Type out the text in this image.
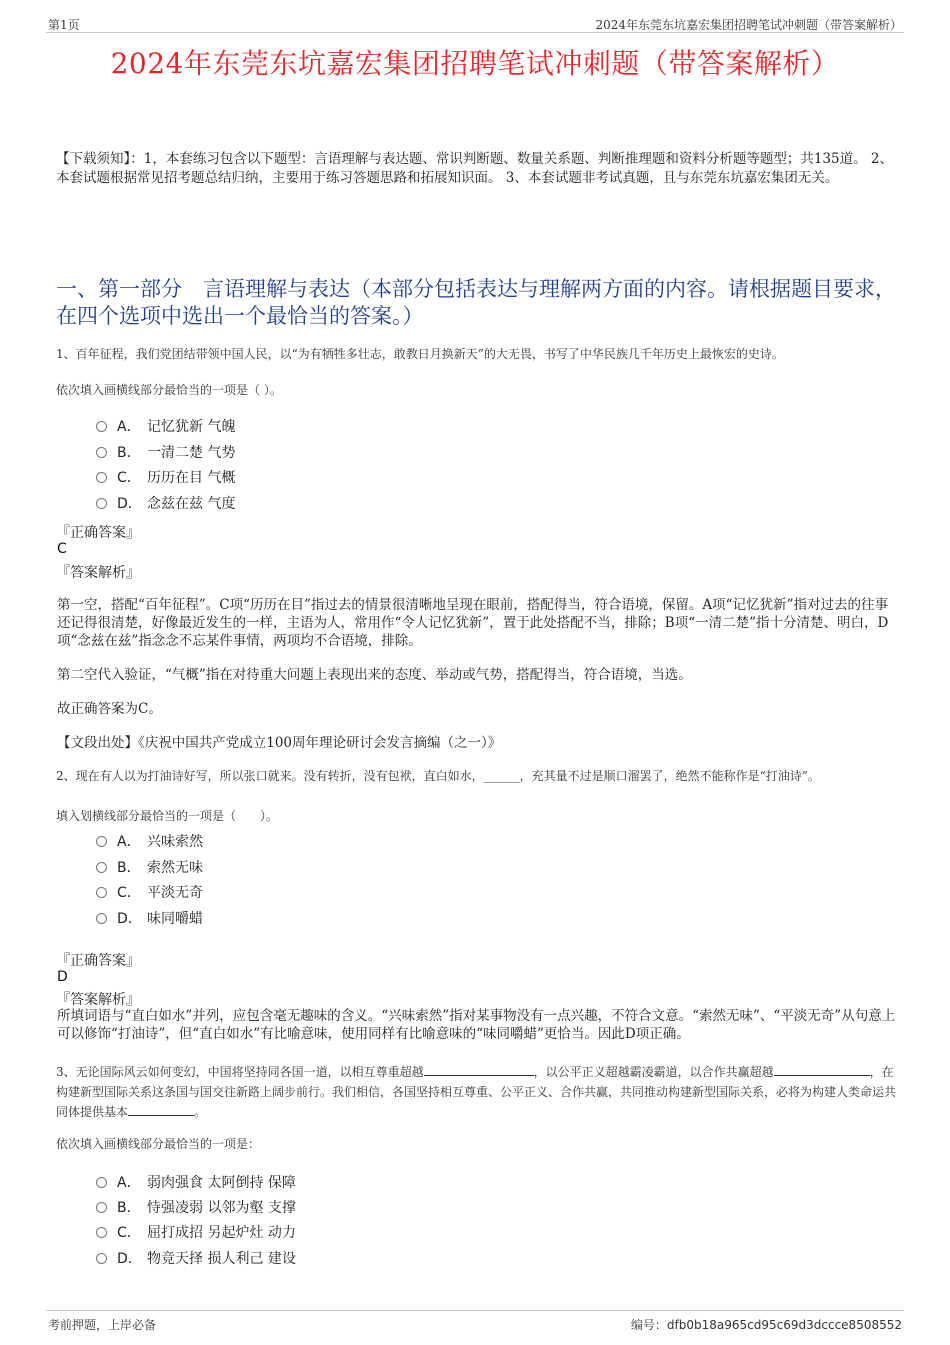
第1页	2024年东莞东坑嘉宏集团招聘笔试冲刺题（带答案解析）
2024年东莞东坑嘉宏集团招聘笔试冲刺题（带答案解析）
【下载须知】：1，本套练习包含以下题型：言语理解与表达题、常识判断题、数量关系题、判断推理题和资料分析题等题型；共135道。 2、本套试题根据常见招考题总结归纳，主要用于练习答题思路和拓展知识面。 3、本套试题非考试真题，且与东莞东坑嘉宏集团无关。
一、第一部分　言语理解与表达（本部分包括表达与理解两方面的内容。请根据题目要求，在四个选项中选出一个最恰当的答案。）
1、百年征程，我们党团结带领中国人民，以“为有牺牲多壮志，敢教日月换新天”的大无畏，书写了中华民族几千年历史上最恢宏的史诗。
依次填入画横线部分最恰当的一项是（ ）。
A． 记忆犹新 气魄
B． 一清二楚 气势
C． 历历在目 气概
D． 念兹在兹 气度
『正确答案』
C
『答案解析』
第一空，搭配“百年征程”。C项“历历在目”指过去的情景很清晰地呈现在眼前，搭配得当，符合语境，保留。A项“记忆犹新”指对过去的往事还记得很清楚，好像最近发生的一样，主语为人，常用作“令人记忆犹新”，置于此处搭配不当，排除；B项“一清二楚”指十分清楚、明白，D项“念兹在兹”指念念不忘某件事情，两项均不合语境，排除。
第二空代入验证，“气概”指在对待重大问题上表现出来的态度、举动或气势，搭配得当，符合语境，当选。
故正确答案为C。
【文段出处】《庆祝中国共产党成立100周年理论研讨会发言摘编（之一）》
2、现在有人以为打油诗好写，所以张口就来。没有转折，没有包袱，直白如水，______，充其量不过是顺口溜罢了，绝然不能称作是“打油诗”。
填入划横线部分最恰当的一项是（　　）。
A． 兴味索然
B． 索然无味
C． 平淡无奇
D． 味同嚼蜡
『正确答案』
D
『答案解析』
所填词语与“直白如水”并列，应包含毫无趣味的含义。“兴味索然”指对某事物没有一点兴趣，不符合文意。“索然无味”、“平淡无奇”从句意上可以修饰“打油诗”，但“直白如水”有比喻意味，使用同样有比喻意味的“味同嚼蜡”更恰当。因此D项正确。
3、无论国际风云如何变幻，中国将坚持同各国一道，以相互尊重超越	，以公平正义超越霸凌霸道，以合作共赢超越	，在构建新型国际关系这条国与国交往新路上阔步前行。我们相信，各国坚持相互尊重、公平正义、合作共赢，共同推动构建新型国际关系，必将为构建人类命运共同体提供基本	。
依次填入画横线部分最恰当的一项是：
A． 弱肉强食 太阿倒持 保障
B． 恃强凌弱 以邻为壑 支撑
C． 屈打成招 另起炉灶 动力
D． 物竞天择 损人利己 建设
考前押题，上岸必备	编号：dfb0b18a965cd95c69d3dccce8508552
